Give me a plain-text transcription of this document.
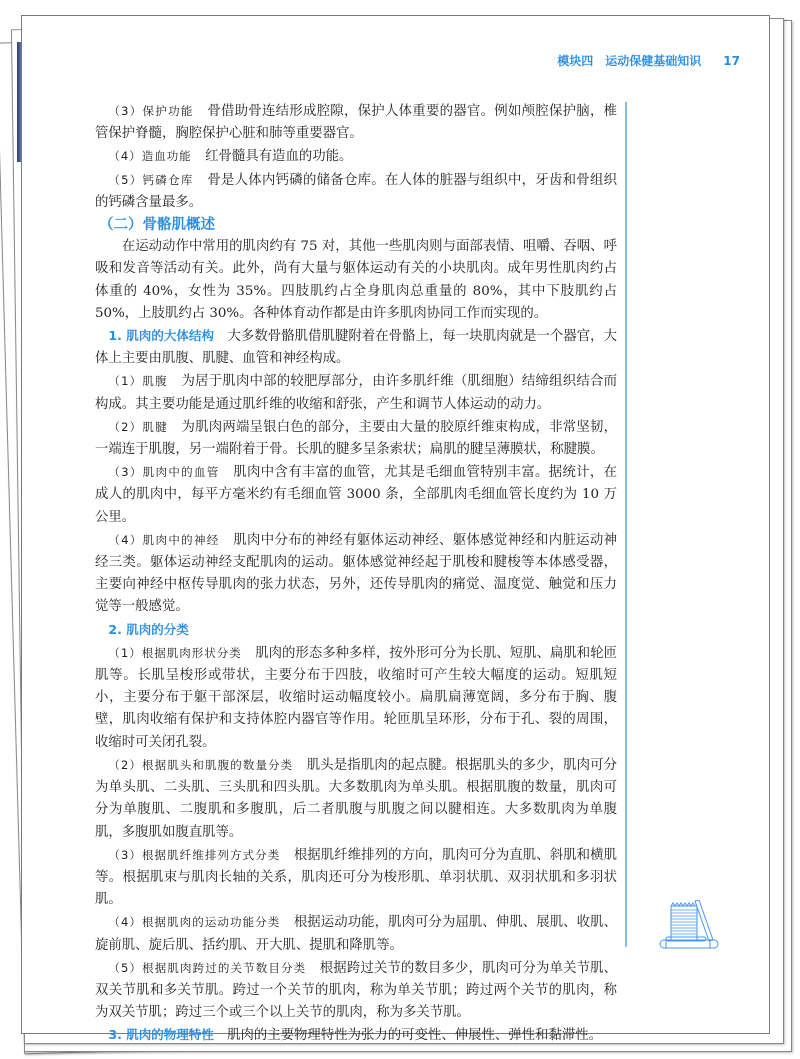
模块四　运动保健基础知识 17

（3）保护功能　 骨借助骨连结形成腔隙，保护人体重要的器官。例如颅腔保护脑，椎管保护脊髓，胸腔保护心脏和肺等重要器官。

（4）造血功能　 红骨髓具有造血的功能。

（5）钙磷仓库　 骨是人体内钙磷的储备仓库。在人体的脏器与组织中，牙齿和骨组织的钙磷含量最多。

（二）骨骼肌概述

在运动动作中常用的肌肉约有 75 对，其他一些肌肉则与面部表情、咀嚼、吞咽、呼吸和发音等活动有关。此外，尚有大量与躯体运动有关的小块肌肉。成年男性肌肉约占体重的 40%，女性为 35%。四肢肌约占全身肌肉总重量的 80%，其中下肢肌约占 50%，上肢肌约占 30%。各种体育动作都是由许多肌肉协同工作而实现的。

1. 肌肉的大体结构　 大多数骨骼肌借肌腱附着在骨骼上，每一块肌肉就是一个器官，大体上主要由肌腹、肌腱、血管和神经构成。

（1）肌腹　 为居于肌肉中部的较肥厚部分，由许多肌纤维（肌细胞）结缔组织结合而构成。其主要功能是通过肌纤维的收缩和舒张，产生和调节人体运动的动力。

（2）肌腱　 为肌肉两端呈银白色的部分，主要由大量的胶原纤维束构成，非常坚韧，一端连于肌腹，另一端附着于骨。长肌的腱多呈条索状；扁肌的腱呈薄膜状，称腱膜。

（3）肌肉中的血管　 肌肉中含有丰富的血管，尤其是毛细血管特别丰富。据统计，在成人的肌肉中，每平方毫米约有毛细血管 3000 条，全部肌肉毛细血管长度约为 10 万公里。

（4）肌肉中的神经　 肌肉中分布的神经有躯体运动神经、躯体感觉神经和内脏运动神经三类。躯体运动神经支配肌肉的运动。躯体感觉神经起于肌梭和腱梭等本体感受器，主要向神经中枢传导肌肉的张力状态，另外，还传导肌肉的痛觉、温度觉、触觉和压力觉等一般感觉。

2. 肌肉的分类　

（1）根据肌肉形状分类　 肌肉的形态多种多样，按外形可分为长肌、短肌、扁肌和轮匝肌等。长肌呈梭形或带状，主要分布于四肢，收缩时可产生较大幅度的运动。短肌短小，主要分布于躯干部深层，收缩时运动幅度较小。扁肌扁薄宽阔，多分布于胸、腹壁，肌肉收缩有保护和支持体腔内器官等作用。轮匝肌呈环形，分布于孔、裂的周围，收缩时可关闭孔裂。

（2）根据肌头和肌腹的数量分类　 肌头是指肌肉的起点腱。根据肌头的多少，肌肉可分为单头肌、二头肌、三头肌和四头肌。大多数肌肉为单头肌。根据肌腹的数量，肌肉可分为单腹肌、二腹肌和多腹肌，后二者肌腹与肌腹之间以腱相连。大多数肌肉为单腹肌，多腹肌如腹直肌等。

（3）根据肌纤维排列方式分类　 根据肌纤维排列的方向，肌肉可分为直肌、斜肌和横肌等。根据肌束与肌肉长轴的关系，肌肉还可分为梭形肌、单羽状肌、双羽状肌和多羽状肌。

（4）根据肌肉的运动功能分类　 根据运动功能，肌肉可分为屈肌、伸肌、展肌、收肌、旋前肌、旋后肌、括约肌、开大肌、提肌和降肌等。

（5）根据肌肉跨过的关节数目分类　 根据跨过关节的数目多少，肌肉可分为单关节肌、双关节肌和多关节肌。跨过一个关节的肌肉，称为单关节肌；跨过两个关节的肌肉，称为双关节肌；跨过三个或三个以上关节的肌肉，称为多关节肌。

3. 肌肉的物理特性　 肌肉的主要物理特性为张力的可变性、伸展性、弹性和黏滞性。
